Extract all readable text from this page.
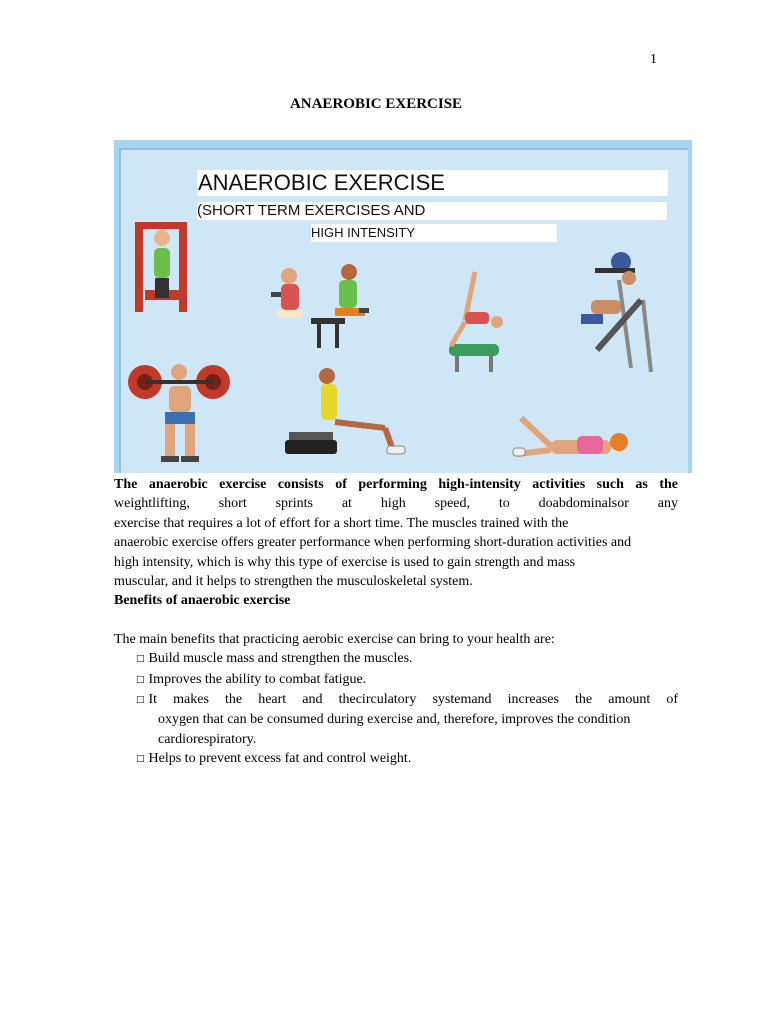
1
ANAEROBIC EXERCISE
ANAEROBIC EXERCISE
(SHORT TERM EXERCISES AND
HIGH INTENSITY

The anaerobic exercise consists of performing high-intensity activities such as the

weightlifting, short sprints at high speed, to doabdominalsor any

exercise that requires a lot of effort for a short time. The muscles trained with the

anaerobic exercise offers greater performance when performing short-duration activities and

high intensity, which is why this type of exercise is used to gain strength and mass

muscular, and it helps to strengthen the musculoskeletal system.

Benefits of anaerobic exercise

The main benefits that practicing aerobic exercise can bring to your health are:

□ Build muscle mass and strengthen the muscles.

□ Improves the ability to combat fatigue.

□ It makes the heart and thecirculatory systemand increases the amount of

oxygen that can be consumed during exercise and, therefore, improves the condition

cardiorespiratory.

□ Helps to prevent excess fat and control weight.
